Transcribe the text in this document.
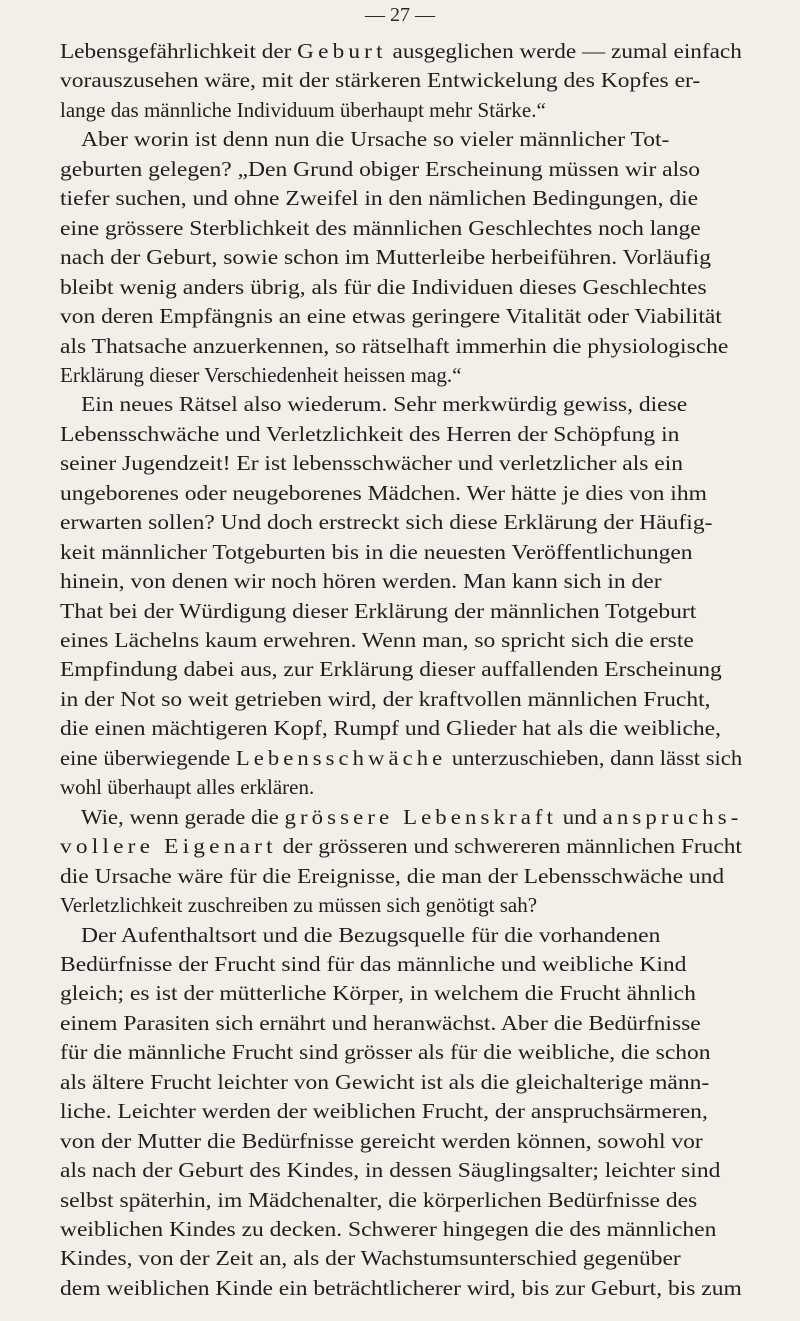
— 27 —
Lebensgefährlichkeit der Geburt ausgeglichen werde — zumal einfach
vorauszusehen wäre, mit der stärkeren Entwickelung des Kopfes er-
lange das männliche Individuum überhaupt mehr Stärke.“
Aber worin ist denn nun die Ursache so vieler männlicher Tot-
geburten gelegen? „Den Grund obiger Erscheinung müssen wir also
tiefer suchen, und ohne Zweifel in den nämlichen Bedingungen, die
eine grössere Sterblichkeit des männlichen Geschlechtes noch lange
nach der Geburt, sowie schon im Mutterleibe herbeiführen. Vorläufig
bleibt wenig anders übrig, als für die Individuen dieses Geschlechtes
von deren Empfängnis an eine etwas geringere Vitalität oder Viabilität
als Thatsache anzuerkennen, so rätselhaft immerhin die physiologische
Erklärung dieser Verschiedenheit heissen mag.“
Ein neues Rätsel also wiederum. Sehr merkwürdig gewiss, diese
Lebensschwäche und Verletzlichkeit des Herren der Schöpfung in
seiner Jugendzeit! Er ist lebensschwächer und verletzlicher als ein
ungeborenes oder neugeborenes Mädchen. Wer hätte je dies von ihm
erwarten sollen? Und doch erstreckt sich diese Erklärung der Häufig-
keit männlicher Totgeburten bis in die neuesten Veröffentlichungen
hinein, von denen wir noch hören werden. Man kann sich in der
That bei der Würdigung dieser Erklärung der männlichen Totgeburt
eines Lächelns kaum erwehren. Wenn man, so spricht sich die erste
Empfindung dabei aus, zur Erklärung dieser auffallenden Erscheinung
in der Not so weit getrieben wird, der kraftvollen männlichen Frucht,
die einen mächtigeren Kopf, Rumpf und Glieder hat als die weibliche,
eine überwiegende Lebensschwäche unterzuschieben, dann lässt sich
wohl überhaupt alles erklären.
Wie, wenn gerade die grössere Lebenskraft und anspruchs-
vollere Eigenart der grösseren und schwereren männlichen Frucht
die Ursache wäre für die Ereignisse, die man der Lebensschwäche und
Verletzlichkeit zuschreiben zu müssen sich genötigt sah?
Der Aufenthaltsort und die Bezugsquelle für die vorhandenen
Bedürfnisse der Frucht sind für das männliche und weibliche Kind
gleich; es ist der mütterliche Körper, in welchem die Frucht ähnlich
einem Parasiten sich ernährt und heranwächst. Aber die Bedürfnisse
für die männliche Frucht sind grösser als für die weibliche, die schon
als ältere Frucht leichter von Gewicht ist als die gleichalterige männ-
liche. Leichter werden der weiblichen Frucht, der anspruchsärmeren,
von der Mutter die Bedürfnisse gereicht werden können, sowohl vor
als nach der Geburt des Kindes, in dessen Säuglingsalter; leichter sind
selbst späterhin, im Mädchenalter, die körperlichen Bedürfnisse des
weiblichen Kindes zu decken. Schwerer hingegen die des männlichen
Kindes, von der Zeit an, als der Wachstumsunterschied gegenüber
dem weiblichen Kinde ein beträchtlicherer wird, bis zur Geburt, bis zum
